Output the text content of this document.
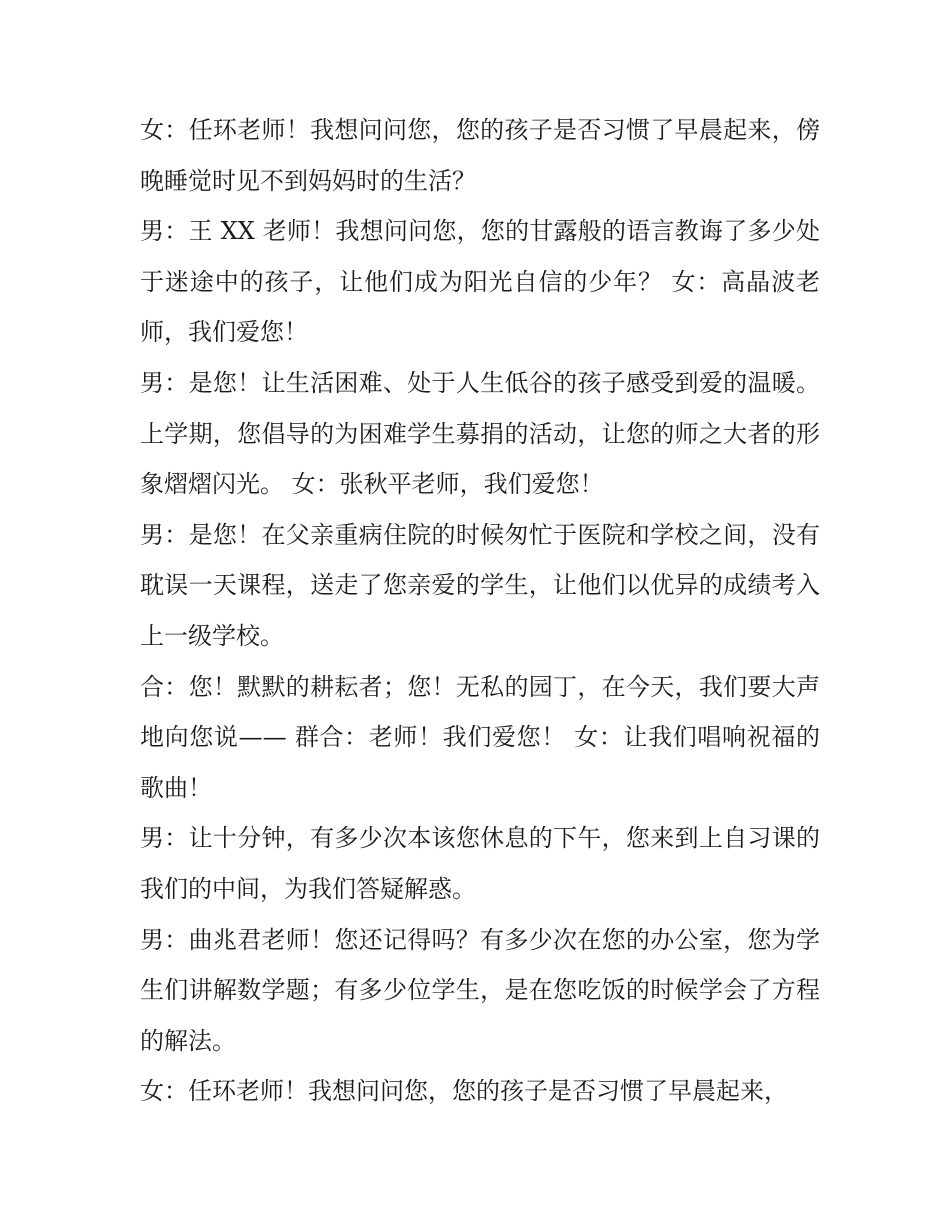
女：任环老师！我想问问您，您的孩子是否习惯了早晨起来，傍晚睡觉时见不到妈妈时的生活？

男：王 XX 老师！我想问问您，您的甘露般的语言教诲了多少处于迷途中的孩子，让他们成为阳光自信的少年？ 女：高晶波老师，我们爱您！

男：是您！让生活困难、处于人生低谷的孩子感受到爱的温暖。上学期，您倡导的为困难学生募捐的活动，让您的师之大者的形象熠熠闪光。 女：张秋平老师，我们爱您！

男：是您！在父亲重病住院的时候匆忙于医院和学校之间，没有耽误一天课程，送走了您亲爱的学生，让他们以优异的成绩考入上一级学校。

合：您！默默的耕耘者；您！无私的园丁，在今天，我们要大声地向您说—— 群合：老师！我们爱您！ 女：让我们唱响祝福的歌曲！

男：让十分钟，有多少次本该您休息的下午，您来到上自习课的我们的中间，为我们答疑解惑。

男：曲兆君老师！您还记得吗？有多少次在您的办公室，您为学生们讲解数学题；有多少位学生，是在您吃饭的时候学会了方程的解法。

女：任环老师！我想问问您，您的孩子是否习惯了早晨起来，
